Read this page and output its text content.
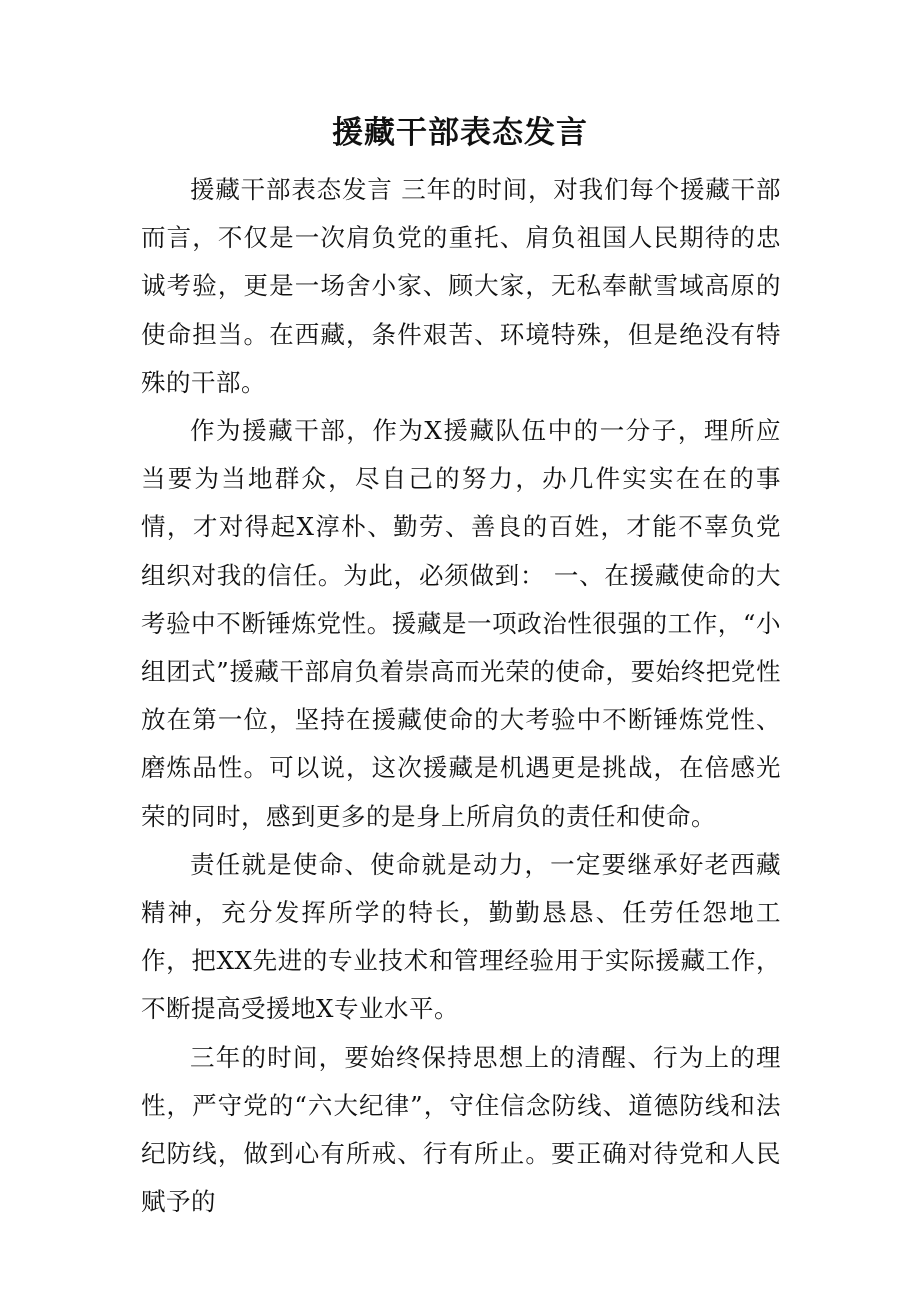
援藏干部表态发言

援藏干部表态发言 三年的时间，对我们每个援藏干部而言，不仅是一次肩负党的重托、肩负祖国人民期待的忠诚考验，更是一场舍小家、顾大家，无私奉献雪域高原的使命担当。在西藏，条件艰苦、环境特殊，但是绝没有特殊的干部。

作为援藏干部，作为X援藏队伍中的一分子，理所应当要为当地群众，尽自己的努力，办几件实实在在的事情，才对得起X淳朴、勤劳、善良的百姓，才能不辜负党组织对我的信任。为此，必须做到： 一、在援藏使命的大考验中不断锤炼党性。援藏是一项政治性很强的工作，“小组团式”援藏干部肩负着崇高而光荣的使命，要始终把党性放在第一位，坚持在援藏使命的大考验中不断锤炼党性、磨炼品性。可以说，这次援藏是机遇更是挑战，在倍感光荣的同时，感到更多的是身上所肩负的责任和使命。

责任就是使命、使命就是动力，一定要继承好老西藏精神，充分发挥所学的特长，勤勤恳恳、任劳任怨地工作，把XX先进的专业技术和管理经验用于实际援藏工作，不断提高受援地X专业水平。

三年的时间，要始终保持思想上的清醒、行为上的理性，严守党的“六大纪律”，守住信念防线、道德防线和法纪防线，做到心有所戒、行有所止。要正确对待党和人民赋予的
